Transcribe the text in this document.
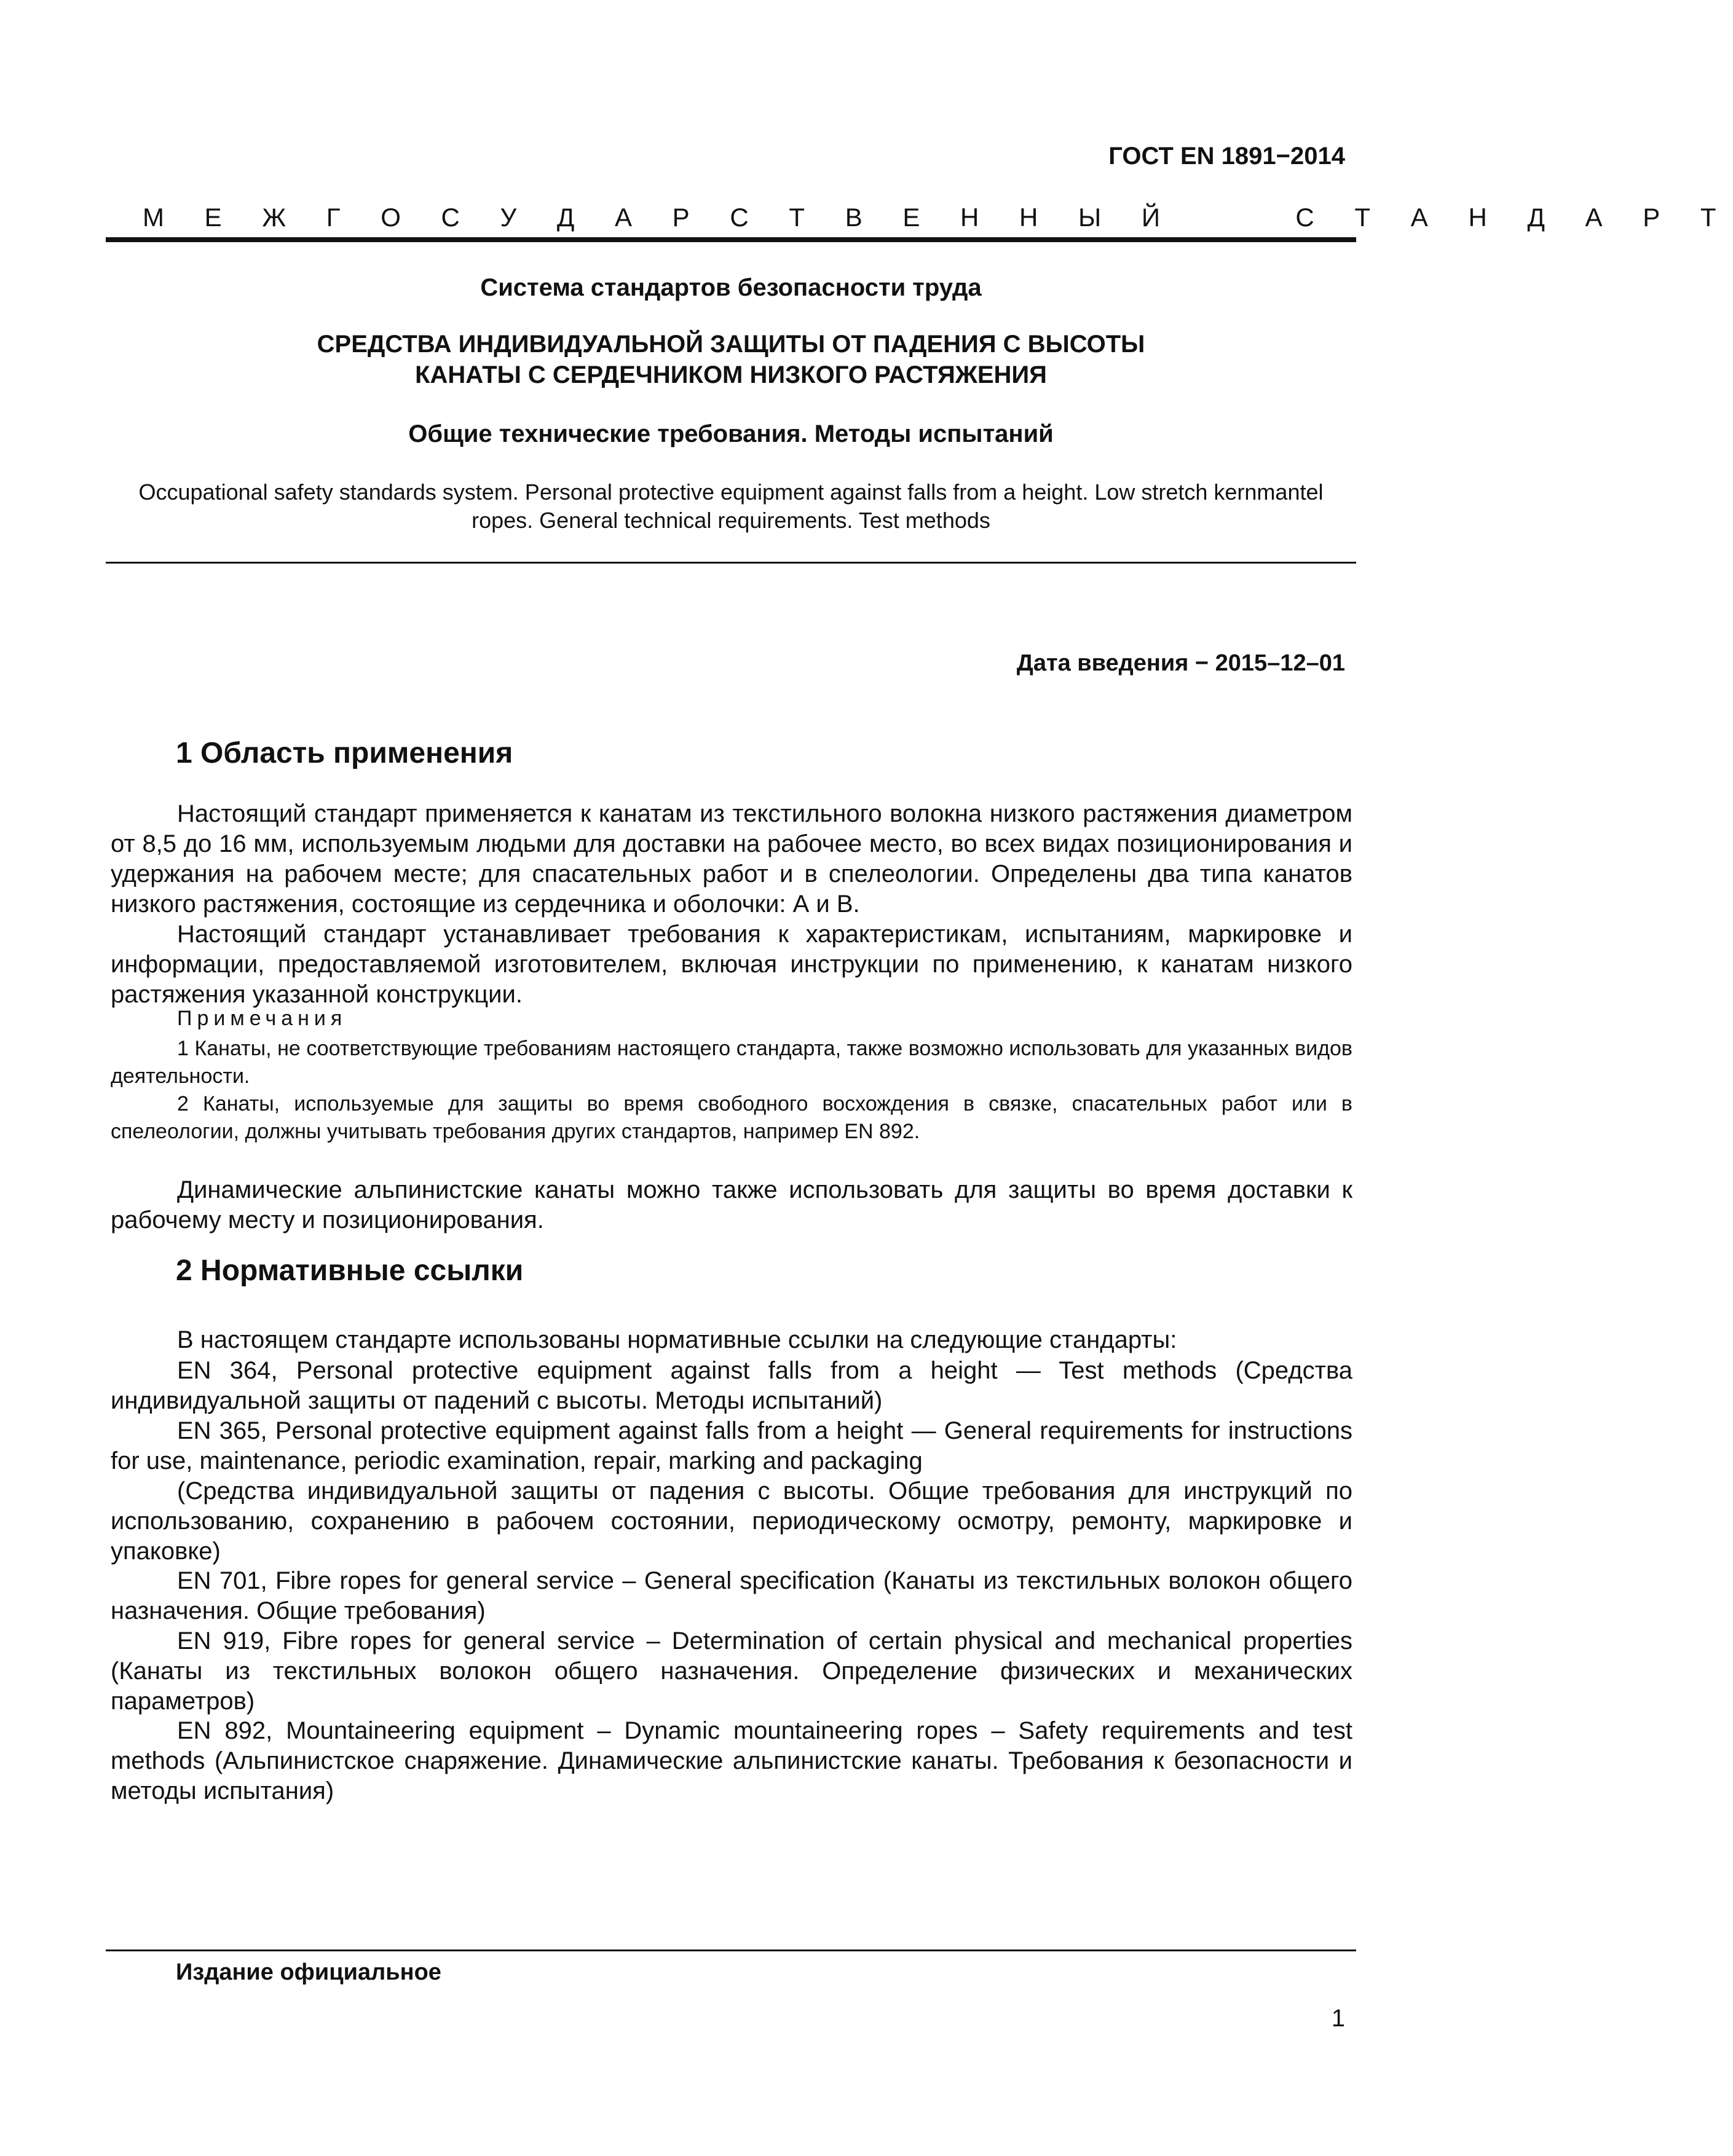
ГОСТ EN 1891−2014
М Е Ж Г О С У Д А Р С Т В Е Н Н Ы Й     С Т А Н Д А Р Т
Система стандартов безопасности труда
СРЕДСТВА ИНДИВИДУАЛЬНОЙ ЗАЩИТЫ ОТ ПАДЕНИЯ С ВЫСОТЫ
КАНАТЫ С СЕРДЕЧНИКОМ НИЗКОГО РАСТЯЖЕНИЯ
Общие технические требования. Методы испытаний
Occupational safety standards system. Personal protective equipment against falls from a height. Low stretch kernmantel
ropes. General technical requirements. Test methods
Дата введения − 2015–12–01
1 Область применения

Настоящий стандарт применяется к канатам из текстильного волокна низкого растяжения диаметром от 8,5 до 16 мм, используемым людьми для доставки на рабочее место, во всех видах позиционирования и удержания на рабочем месте; для спасательных работ и в спелеологии. Определены два типа канатов низкого растяжения, состоящие из сердечника и оболочки: А и В.

Настоящий стандарт устанавливает требования к характеристикам, испытаниям, маркировке и информации, предоставляемой изготовителем, включая инструкции по применению, к канатам низкого растяжения указанной конструкции.

Примечания

1 Канаты, не соответствующие требованиям настоящего стандарта, также возможно использовать для указанных видов деятельности.

2 Канаты, используемые для защиты во время свободного восхождения в связке, спасательных работ или в спелеологии, должны учитывать требования других стандартов, например EN 892.

Динамические альпинистские канаты можно также использовать для защиты во время доставки к рабочему месту и позиционирования.

2 Нормативные ссылки

В настоящем стандарте использованы нормативные ссылки на следующие стандарты:

EN 364, Personal protective equipment against falls from a height — Test methods (Средства индивидуальной защиты от падений с высоты. Методы испытаний)

EN 365, Personal protective equipment against falls from a height — General requirements for instructions for use, maintenance, periodic examination, repair, marking and packaging

(Средства индивидуальной защиты от падения с высоты. Общие требования для инструкций по использованию, сохранению в рабочем состоянии, периодическому осмотру, ремонту, маркировке и упаковке)

EN 701, Fibre ropes for general service – General specification (Канаты из текстильных волокон общего назначения. Общие требования)

EN 919, Fibre ropes for general service – Determination of certain physical and mechanical properties (Канаты из текстильных волокон общего назначения. Определение физических и механических параметров)

EN 892, Mountaineering equipment – Dynamic mountaineering ropes – Safety requirements and test methods (Альпинистское снаряжение. Динамические альпинистские канаты. Требования к безопасности и методы испытания)

Издание официальное
1
